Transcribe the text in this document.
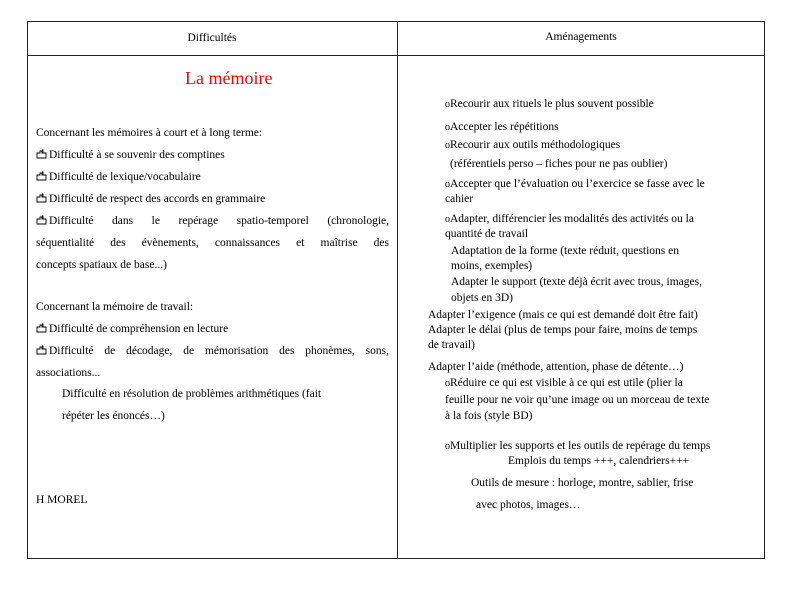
Difficultés	Aménagements
La mémoire
Concernant les mémoires à court et à long terme:
Difficulté à se souvenir des comptines
Difficulté de lexique/vocabulaire
Difficulté de respect des accords en grammaire
Difficulté dans le repérage spatio-temporel (chronologie,
séquentialité des évènements, connaissances et maîtrise des
concepts spatiaux de base...)
Concernant la mémoire de travail:
Difficulté de compréhension en lecture
Difficulté de décodage, de mémorisation des phonèmes, sons,
associations...
Difficulté en résolution de problèmes arithmétiques (fait
répéter les énoncés…)
H MOREL
oRecourir aux rituels le plus souvent possible
oAccepter les répétitions
oRecourir aux outils méthodologiques
(référentiels perso – fiches pour ne pas oublier)
oAccepter que l’évaluation ou l’exercice se fasse avec le
cahier
oAdapter, différencier les modalités des activités ou la
quantité de travail
Adaptation de la forme (texte réduit, questions en
moins, exemples)
Adapter le support (texte déjà écrit avec trous, images,
objets en 3D)
Adapter l’exigence (mais ce qui est demandé doit être fait)
Adapter le délai (plus de temps pour faire, moins de temps
de travail)
Adapter l’aide (méthode, attention, phase de détente…)
oRéduire ce qui est visible à ce qui est utile (plier la
feuille pour ne voir qu’une image ou un morceau de texte
à la fois (style BD)
oMultiplier les supports et les outils de repérage du temps
Emplois du temps +++, calendriers+++
Outils de mesure : horloge, montre, sablier, frise
avec photos, images…
